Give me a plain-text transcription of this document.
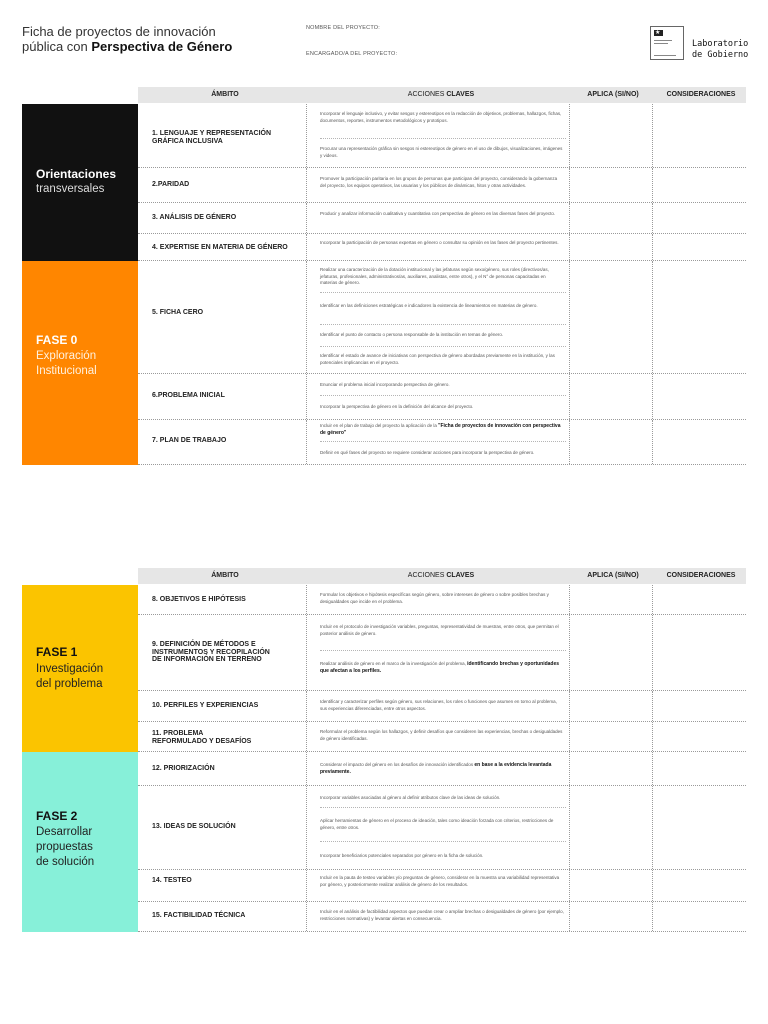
Ficha de proyectos de innovación
pública con Perspectiva de Género
NOMBRE DEL PROYECTO:
ENCARGADO/A DEL PROYECTO:
★
Laboratorio
de Gobierno
ÁMBITO	ACCIONES CLAVES	APLICA (SI/NO)	CONSIDERACIONES
Orientaciones
transversales
FASE 0
Exploración
Institucional
1. LENGUAJE Y REPRESENTACIÓN
GRÁFICA INCLUSIVA
Incorporar el lenguaje inclusivo, y evitar sesgos y estereotipos en la redacción de objetivos, problemas, hallazgos, fichas, documentos, reportes, instrumentos metodológicos y prototipos.
Procurar una representación gráfica sin sesgos ni estereotipos de género en el uso de dibujos, visualizaciones, imágenes y videos.
2.PARIDAD
Promover la participación paritaria en los grupos de personas que participan del proyecto, considerando la gobernanza del proyecto, los equipos operativos, las usuarias y los públicos de dinámicas, hitos y otras actividades.
3. ANÁLISIS DE GÉNERO
Producir y analizar información cualitativa y cuantitativa con perspectiva de género en las diversas fases del proyecto.
4. EXPERTISE EN MATERIA DE GÉNERO
Incorporar la participación de personas expertas en género o consultar su opinión en las fases del proyecto pertinentes.
5. FICHA CERO
Realizar una caracterización de la dotación institucional y las jefaturas según sexo/género, sus roles (directivos/as, jefaturas, profesionales, administrativos/as, auxiliares, analistas, entre otros), y el N° de personas capacitadas en materias de género.
Identificar en las definiciones estratégicas e indicadores la existencia de lineamientos en materias de género.
Identificar el punto de contacto o persona responsable de la institución en temas de género.
Identificar el estado de avance de iniciativas con perspectiva de género abordadas previamente en la institución, y las potenciales implicancias en el proyecto.
6.PROBLEMA INICIAL
Enunciar el problema inicial incorporando perspectiva de género.
Incorporar la perspectiva de género en la definición del alcance del proyecto.
7. PLAN DE TRABAJO
Incluir en el plan de trabajo del proyecto la aplicación de la "Ficha de proyectos de innovación con perspectiva de género"
Definir en qué fases del proyecto se requiere considerar acciones para incorporar la perspectiva de género.
ÁMBITO	ACCIONES CLAVES	APLICA (SI/NO)	CONSIDERACIONES
FASE 1
Investigación
del problema
FASE 2
Desarrollar
propuestas
de solución
8. OBJETIVOS E HIPÓTESIS
Formular los objetivos e hipótesis específicas según género, sobre intereses de género o sobre posibles brechas y desigualdades que incide en el problema.
9. DEFINICIÓN DE MÉTODOS E
INSTRUMENTOS Y RECOPILACIÓN
DE INFORMACIÓN EN TERRENO
Incluir en el protocolo de investigación variables, preguntas, representatividad de muestras, entre otros, que permitan el posterior análisis de género.
Realizar análisis de género en el marco de la investigación del problema, identificando brechas y oportunidades que afectan a los perfiles.
10. PERFILES Y EXPERIENCIAS
Identificar y caracterizar perfiles según género, sus relaciones, los roles o funciones que asumen en torno al problema, sus experiencias diferenciadas, entre otros aspectos.
11. PROBLEMA
REFORMULADO Y DESAFÍOS
Reformular el problema según los hallazgos, y definir desafíos que consideren las experiencias, brechas o desigualdades de género identificadas.
12. PRIORIZACIÓN
Considerar el impacto del género en los desafíos de innovación identificados en base a la evidencia levantada previamente.
13. IDEAS DE SOLUCIÓN
Incorporar variables asociadas al género al definir atributos clave de las ideas de solución.
Aplicar herramientas de género en el proceso de ideación, tales como ideación forzada con criterios, restricciones de género, entre otros.
Incorporar beneficiarios potenciales separados por género en la ficha de solución.
14. TESTEO	Incluir en la pauta de testeo variables y/o preguntas de género, considerar en la muestra una variabilidad representativa por género, y posteriormente realizar análisis de género de los resultados.
15. FACTIBILIDAD TÉCNICA
Incluir en el análisis de factibilidad aspectos que puedan crear o ampliar brechas o desigualdades de género (por ejemplo, restricciones normativas) y levantar alertas en consecuencia.
